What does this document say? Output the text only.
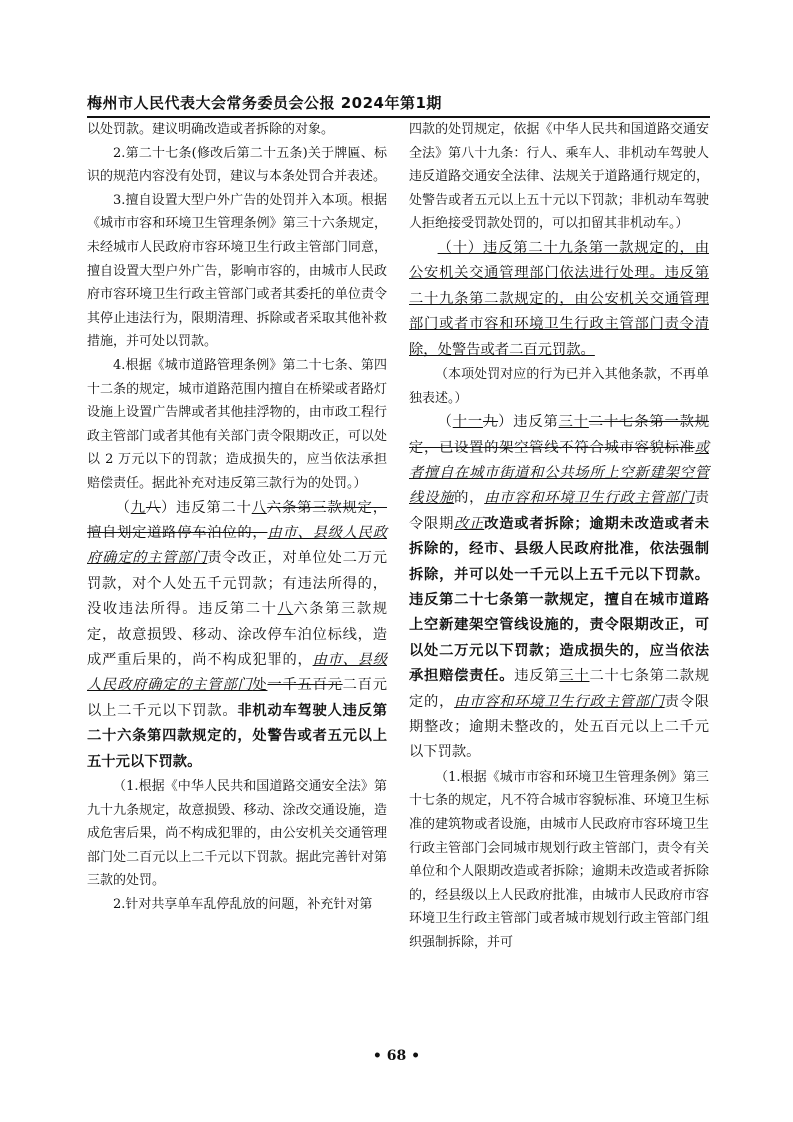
梅州市人民代表大会常务委员会公报 2024年第1期

以处罚款。建议明确改造或者拆除的对象。

2.第二十七条(修改后第二十五条)关于牌匾、标识的规范内容没有处罚，建议与本条处罚合并表述。

3.擅自设置大型户外广告的处罚并入本项。根据《城市市容和环境卫生管理条例》第三十六条规定，未经城市人民政府市容环境卫生行政主管部门同意，擅自设置大型户外广告，影响市容的，由城市人民政府市容环境卫生行政主管部门或者其委托的单位责令其停止违法行为，限期清理、拆除或者采取其他补救措施，并可处以罚款。

4.根据《城市道路管理条例》第二十七条、第四十二条的规定，城市道路范围内擅自在桥梁或者路灯设施上设置广告牌或者其他挂浮物的，由市政工程行政主管部门或者其他有关部门责令限期改正，可以处以 2 万元以下的罚款；造成损失的，应当依法承担赔偿责任。据此补充对违反第三款行为的处罚。）

（九八）违反第二十八六条第三款规定，擅自划定道路停车泊位的，由市、县级人民政府确定的主管部门责令改正，对单位处二万元罚款，对个人处五千元罚款；有违法所得的，没收违法所得。违反第二十八六条第三款规定，故意损毁、移动、涂改停车泊位标线，造成严重后果的，尚不构成犯罪的，由市、县级人民政府确定的主管部门处一千五百元二百元以上二千元以下罚款。非机动车驾驶人违反第二十六条第四款规定的，处警告或者五元以上五十元以下罚款。

（1.根据《中华人民共和国道路交通安全法》第九十九条规定，故意损毁、移动、涂改交通设施，造成危害后果，尚不构成犯罪的，由公安机关交通管理部门处二百元以上二千元以下罚款。据此完善针对第三款的处罚。

2.针对共享单车乱停乱放的问题，补充针对第

四款的处罚规定，依据《中华人民共和国道路交通安全法》第八十九条：行人、乘车人、非机动车驾驶人违反道路交通安全法律、法规关于道路通行规定的，处警告或者五元以上五十元以下罚款；非机动车驾驶人拒绝接受罚款处罚的，可以扣留其非机动车。）

（十）违反第二十九条第一款规定的，由公安机关交通管理部门依法进行处理。违反第二十九条第二款规定的，由公安机关交通管理部门或者市容和环境卫生行政主管部门责令清除，处警告或者二百元罚款。

（本项处罚对应的行为已并入其他条款，不再单独表述。）

（十一九）违反第三十二十七条第一款规定，已设置的架空管线不符合城市容貌标准或者擅自在城市街道和公共场所上空新建架空管线设施的，由市容和环境卫生行政主管部门责令限期改正改造或者拆除；逾期未改造或者未拆除的，经市、县级人民政府批准，依法强制拆除，并可以处一千元以上五千元以下罚款。违反第二十七条第一款规定，擅自在城市道路上空新建架空管线设施的，责令限期改正，可以处二万元以下罚款；造成损失的，应当依法承担赔偿责任。违反第三十二十七条第二款规定的，由市容和环境卫生行政主管部门责令限期整改；逾期未整改的，处五百元以上二千元以下罚款。

（1.根据《城市市容和环境卫生管理条例》第三十七条的规定，凡不符合城市容貌标准、环境卫生标准的建筑物或者设施，由城市人民政府市容环境卫生行政主管部门会同城市规划行政主管部门，责令有关单位和个人限期改造或者拆除；逾期未改造或者拆除的，经县级以上人民政府批准，由城市人民政府市容环境卫生行政主管部门或者城市规划行政主管部门组织强制拆除，并可

• 68 •
